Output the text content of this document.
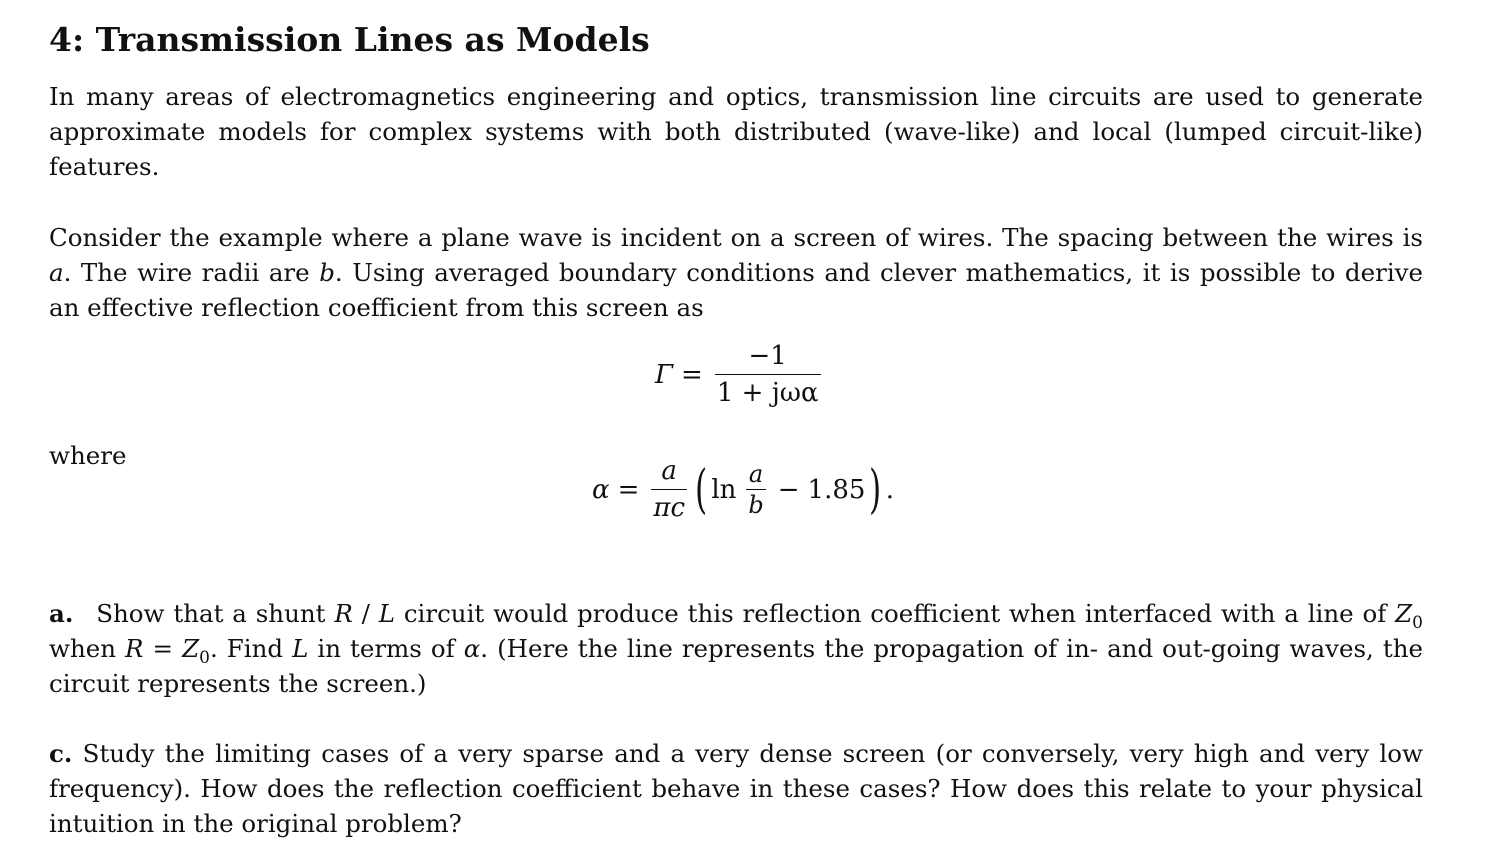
4: Transmission Lines as Models
In many areas of electromagnetics engineering and optics, transmission line circuits are used to generate approximate models for complex systems with both distributed (wave-like) and local (lumped circuit-like) features.
Consider the example where a plane wave is incident on a screen of wires. The spacing between the wires is a. The wire radii are b. Using averaged boundary conditions and clever mathematics, it is possible to derive an effective reflection coefficient from this screen as
$\Gamma = \frac{-1}{\text{1 + jωα}}$
where
$\alpha = \frac{a}{\pi c}$ ( $\ln \frac{a}{b} - 1.85$ ) .
a. Show that a shunt R / L circuit would produce this reflection coefficient when interfaced with a line of $Z_0$ when $R = Z_0$. Find L in terms of α. (Here the line represents the propagation of in- and out-going waves, the circuit represents the screen.)
c. Study the limiting cases of a very sparse and a very dense screen (or conversely, very high and very low frequency). How does the reflection coefficient behave in these cases? How does this relate to your physical intuition in the original problem?
